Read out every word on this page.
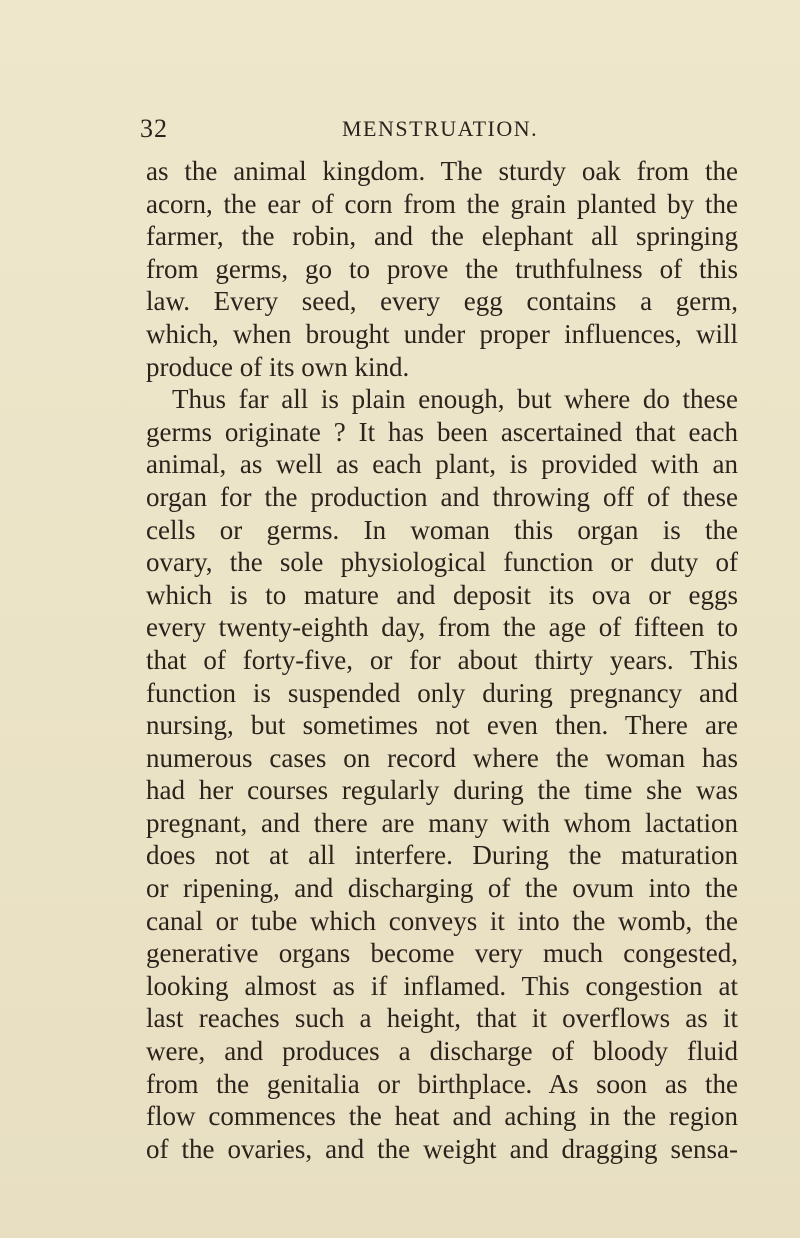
32	MENSTRUATION.
as the animal kingdom. The sturdy oak from the
acorn, the ear of corn from the grain planted by the
farmer, the robin, and the elephant all springing
from germs, go to prove the truthfulness of this
law. Every seed, every egg contains a germ,
which, when brought under proper influences, will
produce of its own kind.
Thus far all is plain enough, but where do these
germs originate ? It has been ascertained that each
animal, as well as each plant, is provided with an
organ for the production and throwing off of these
cells or germs. In woman this organ is the
ovary, the sole physiological function or duty of
which is to mature and deposit its ova or eggs
every twenty-eighth day, from the age of fifteen to
that of forty-five, or for about thirty years. This
function is suspended only during pregnancy and
nursing, but sometimes not even then. There are
numerous cases on record where the woman has
had her courses regularly during the time she was
pregnant, and there are many with whom lactation
does not at all interfere. During the maturation
or ripening, and discharging of the ovum into the
canal or tube which conveys it into the womb, the
generative organs become very much congested,
looking almost as if inflamed. This congestion at
last reaches such a height, that it overflows as it
were, and produces a discharge of bloody fluid
from the genitalia or birthplace. As soon as the
flow commences the heat and aching in the region
of the ovaries, and the weight and dragging sensa-
